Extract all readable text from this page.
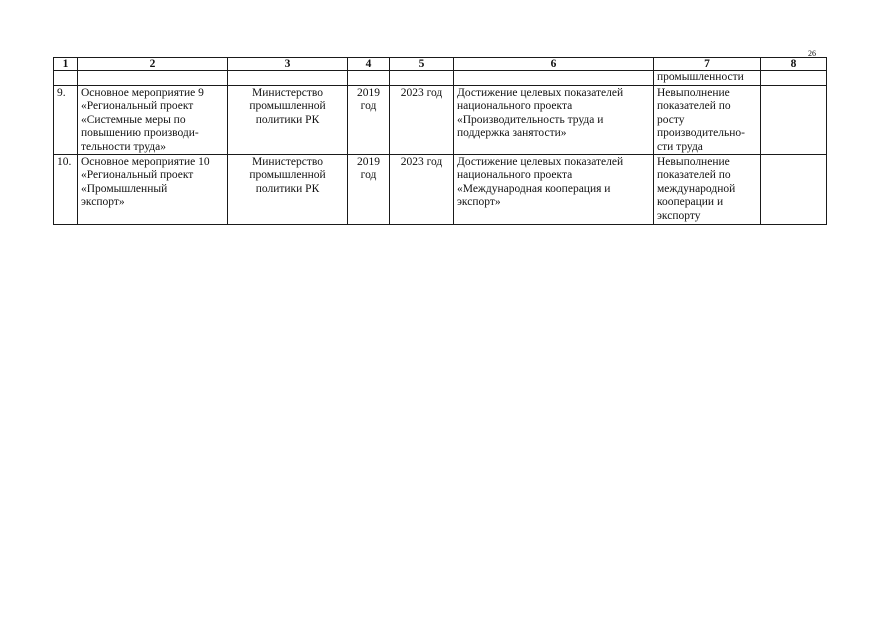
26
1	2	3	4	5	6	7	8
						промышленности	
9.	Основное мероприятие 9
«Региональный проект
«Системные меры по
повышению производи-
тельности труда»	Министерство
промышленной
политики РК	2019
год	2023 год	Достижение целевых показателей
национального проекта
«Производительность труда и
поддержка занятости»	Невыполнение
показателей по
росту
производительно-
сти труда	

10.	Основное мероприятие 10
«Региональный проект
«Промышленный
экспорт»	Министерство
промышленной
политики РК	2019
год	2023 год	Достижение целевых показателей
национального проекта
«Международная кооперация и
экспорт»	Невыполнение
показателей по
международной
кооперации и
экспорту	
